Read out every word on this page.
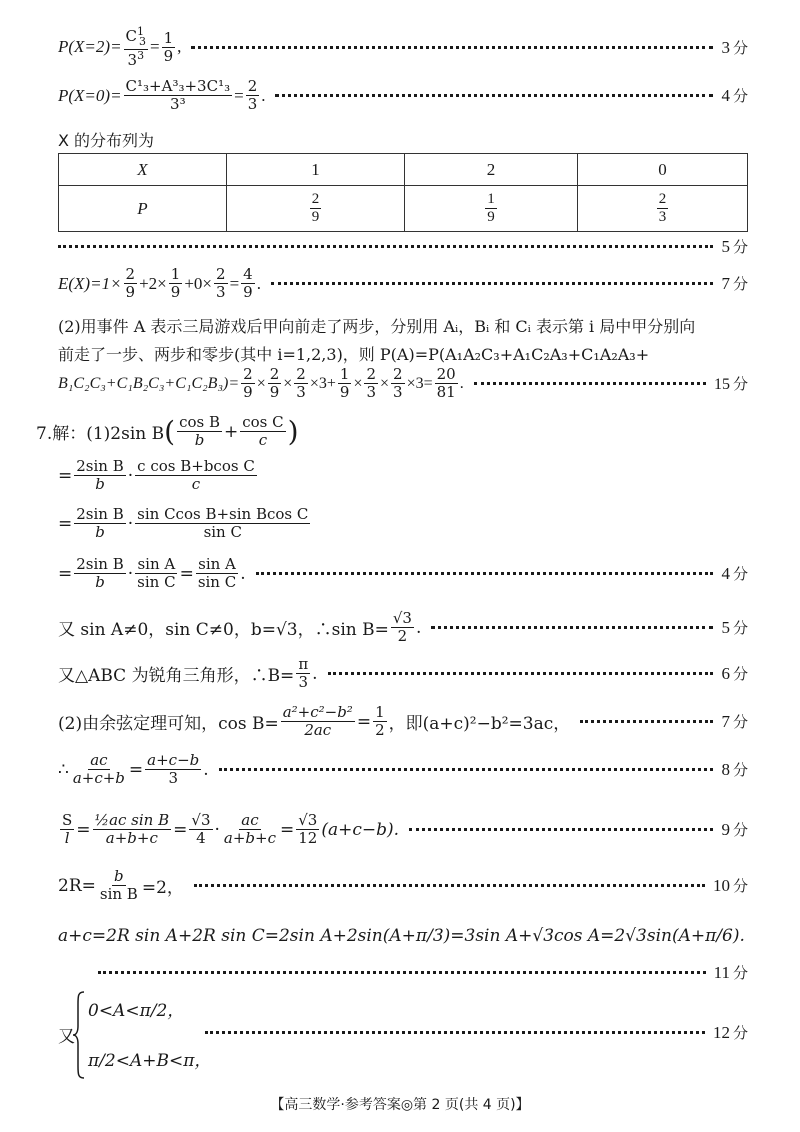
$P(X=2)= \frac{C^1_3}{3^3} = \frac{1}{9}$ ,	3 分
$P(X=0)= \frac{\text{C¹₃+A³₃+3C¹₃}}{\text{3³}} = \frac{2}{3}$ .	4 分
X 的分布列为
X	1	2	0
P	$\frac{2}{9}$	$\frac{1}{9}$	$\frac{2}{3}$
5 分
$E(X)=1\times \frac{2}{9} +2\times \frac{1}{9} +0\times \frac{2}{3} = \frac{4}{9}$ .	7 分
(2)用事件 A 表示三局游戏后甲向前走了两步，分别用 Aᵢ，Bᵢ 和 Cᵢ 表示第 i 局中甲分别向
前走了一步、两步和零步(其中 i=1,2,3)，则 P(A)=P(A₁A₂C₃+A₁C₂A₃+C₁A₂A₃+
$B_1C_2C_3+C_1B_2C_3+C_1C_2B_3)= \frac{2}{9} \times \frac{2}{9} \times \frac{2}{3} \times 3+ \frac{1}{9} \times \frac{2}{3} \times \frac{2}{3} \times 3= \frac{20}{81}$ .	15 分
7.解：(1)2sin B ( $\frac{\text{cos B}}{b} + \frac{\text{cos C}}{c}$ )
= $\frac{\text{2sin B}}{b} \cdot \frac{\text{c cos B+bcos C}}{c}$
= $\frac{\text{2sin B}}{b} \cdot \frac{\text{sin Ccos B+sin Bcos C}}{\text{sin C}}$
= $\frac{\text{2sin B}}{b} \cdot \frac{\text{sin A}}{\text{sin C}} = \frac{\text{sin A}}{\text{sin C}}$ .	4 分
又 sin A≠0，sin C≠0，b=√3，∴sin $B= \frac{√3}{2}$ .	5 分
又△ABC 为锐角三角形，∴B= $\frac{\pi}{3}$ .	6 分
(2)由余弦定理可知，$\cos B= \frac{\text{a²+c²−b²}}{2ac} = \frac{1}{2}$ ，即(a+c)²−b²=3ac，	7 分
∴ $\frac{ac}{a+c+b} = \frac{a+c-b}{3}$ .	8 分
$\frac{S}{l} = \frac{\text{½ac sin B}}{a+b+c} = \frac{√3}{4} \cdot \frac{ac}{a+b+c} = \frac{√3}{12} (a+c-b)$.	9 分
$2R= \frac{b}{\text{sin B}} =2$，	10 分
a+c=2R sin A+2R sin C=2sin A+2sin(A+π/3)=3sin A+√3cos A=2√3sin(A+π/6).
11 分
又
0<A<π/2，
π/2<A+B<π，
12 分
【高三数学·参考答案◎第 2 页(共 4 页)】
